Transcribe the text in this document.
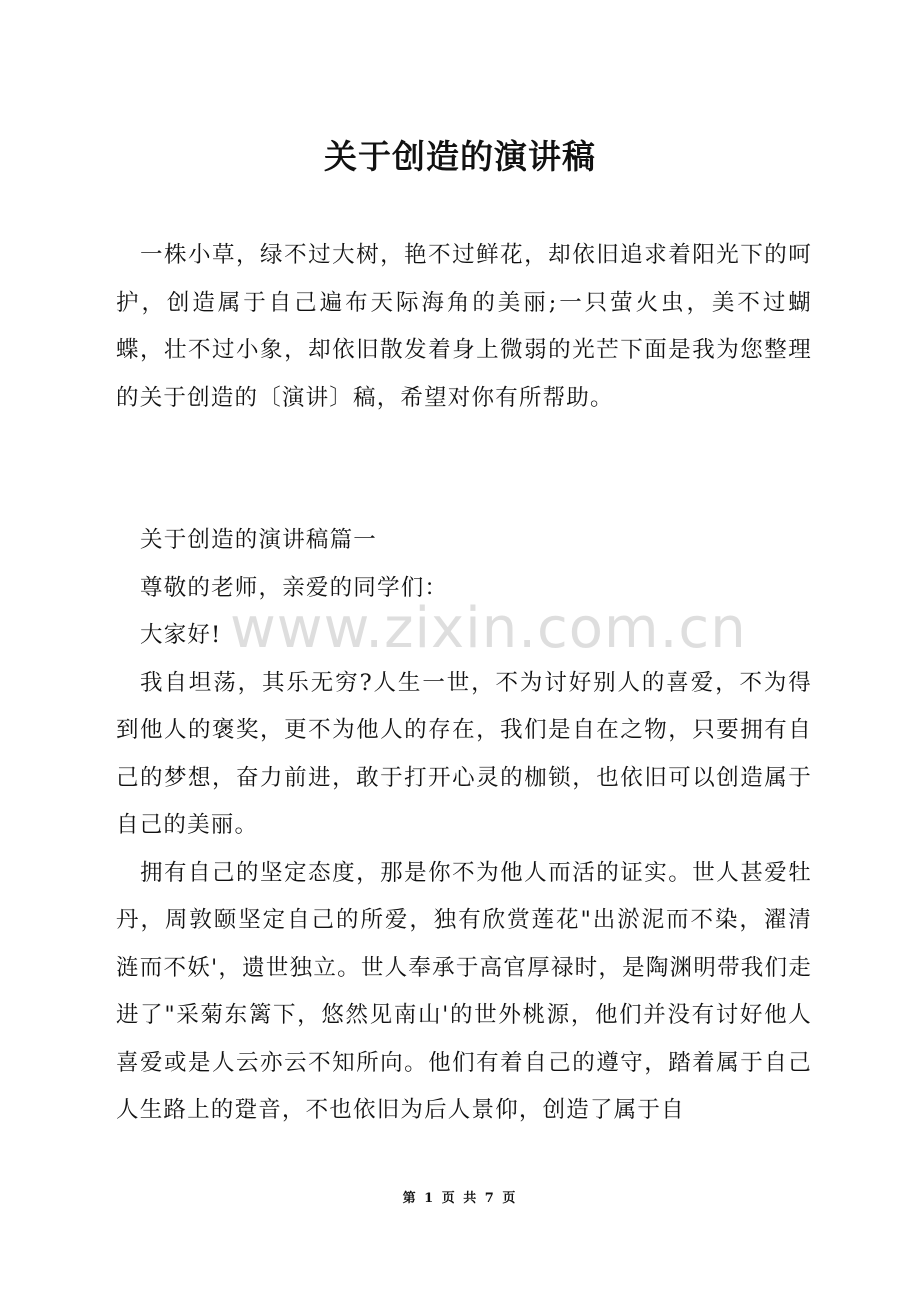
关于创造的演讲稿

一株小草，绿不过大树，艳不过鲜花，却依旧追求着阳光下的呵护，创造属于自己遍布天际海角的美丽;一只萤火虫，美不过蝴蝶，壮不过小象，却依旧散发着身上微弱的光芒下面是我为您整理的关于创造的〔演讲〕稿，希望对你有所帮助。

关于创造的演讲稿篇一

尊敬的老师，亲爱的同学们：

大家好!

我自坦荡，其乐无穷?人生一世，不为讨好别人的喜爱，不为得到他人的褒奖，更不为他人的存在，我们是自在之物，只要拥有自己的梦想，奋力前进，敢于打开心灵的枷锁，也依旧可以创造属于自己的美丽。

拥有自己的坚定态度，那是你不为他人而活的证实。世人甚爱牡丹，周敦颐坚定自己的所爱，独有欣赏莲花"出淤泥而不染，濯清涟而不妖'，遗世独立。世人奉承于高官厚禄时，是陶渊明带我们走进了"采菊东篱下，悠然见南山'的世外桃源，他们并没有讨好他人喜爱或是人云亦云不知所向。他们有着自己的遵守，踏着属于自己人生路上的跫音，不也依旧为后人景仰，创造了属于自

www.zixin.com.cn
第 1 页 共 7 页
